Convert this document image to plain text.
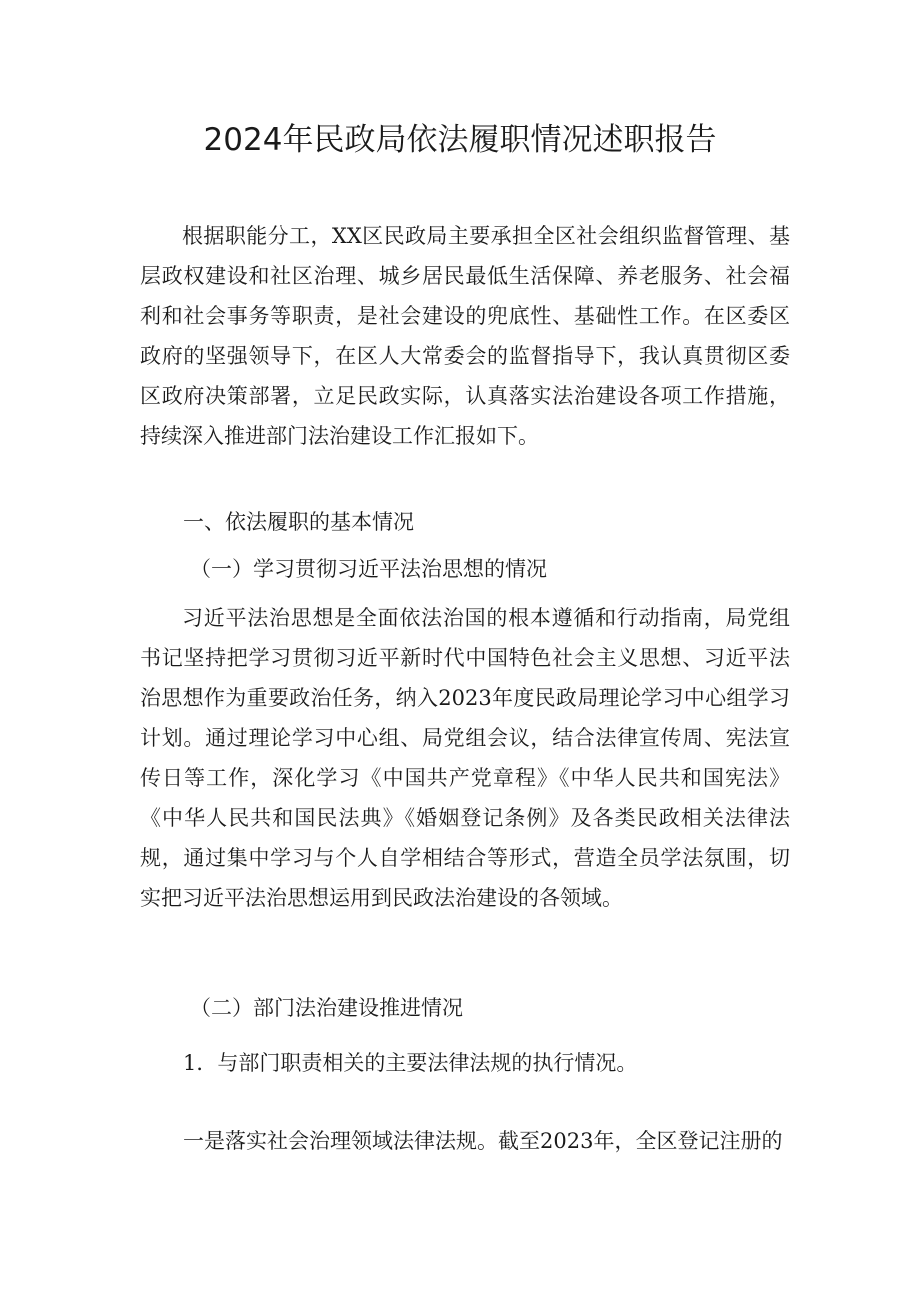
2024年民政局依法履职情况述职报告

根据职能分工，XX区民政局主要承担全区社会组织监督管理、基层政权建设和社区治理、城乡居民最低生活保障、养老服务、社会福利和社会事务等职责，是社会建设的兜底性、基础性工作。在区委区政府的坚强领导下，在区人大常委会的监督指导下，我认真贯彻区委区政府决策部署，立足民政实际，认真落实法治建设各项工作措施，持续深入推进部门法治建设工作汇报如下。

一、依法履职的基本情况

（一）学习贯彻习近平法治思想的情况

习近平法治思想是全面依法治国的根本遵循和行动指南，局党组书记坚持把学习贯彻习近平新时代中国特色社会主义思想、习近平法治思想作为重要政治任务，纳入2023年度民政局理论学习中心组学习计划。通过理论学习中心组、局党组会议，结合法律宣传周、宪法宣传日等工作，深化学习《中国共产党章程》《中华人民共和国宪法》《中华人民共和国民法典》《婚姻登记条例》及各类民政相关法律法规，通过集中学习与个人自学相结合等形式，营造全员学法氛围，切实把习近平法治思想运用到民政法治建设的各领域。

（二）部门法治建设推进情况

1．与部门职责相关的主要法律法规的执行情况。

一是落实社会治理领域法律法规。截至2023年，全区登记注册的
